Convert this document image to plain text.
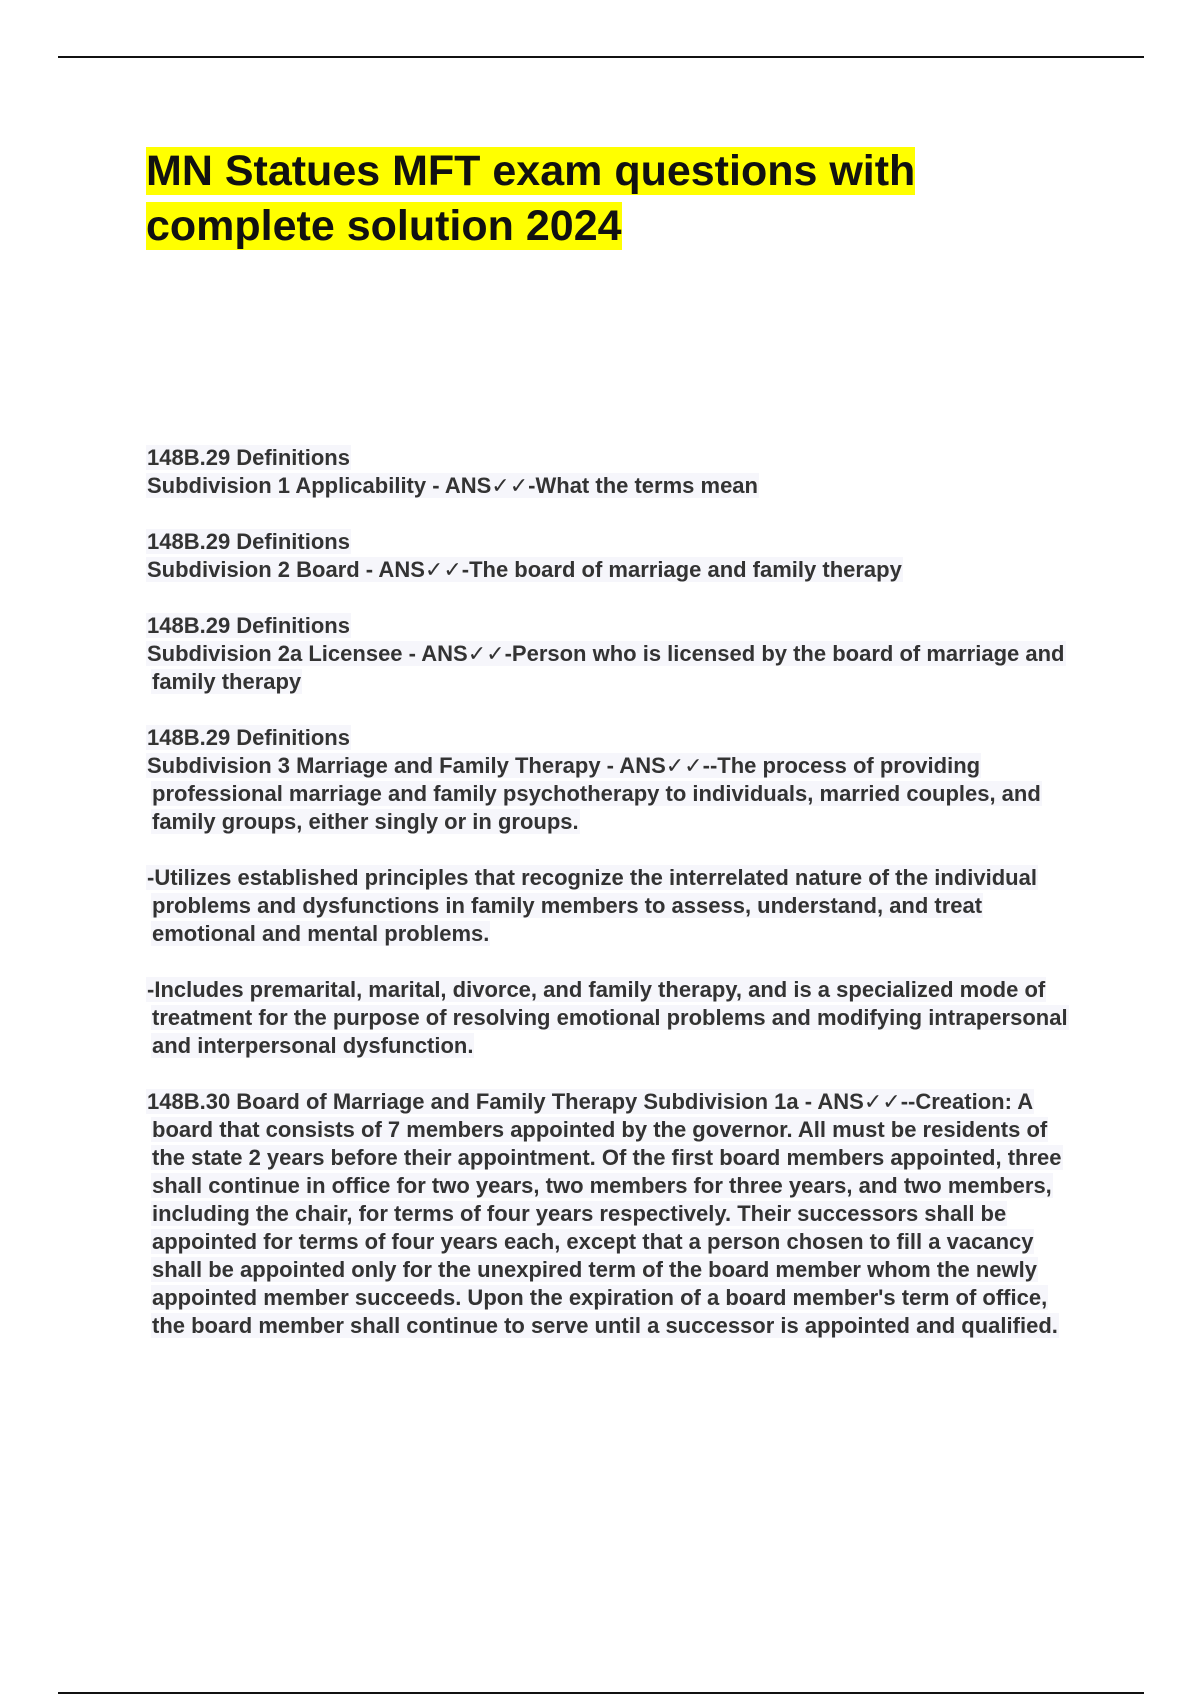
MN Statues MFT exam questions with complete solution 2024
148B.29 Definitions
Subdivision 1 Applicability - ANS✓✓-What the terms mean
148B.29 Definitions
Subdivision 2 Board - ANS✓✓-The board of marriage and family therapy
148B.29 Definitions
Subdivision 2a Licensee - ANS✓✓-Person who is licensed by the board of marriage and family therapy
148B.29 Definitions
Subdivision 3 Marriage and Family Therapy - ANS✓✓--The process of providing professional marriage and family psychotherapy to individuals, married couples, and family groups, either singly or in groups.
-Utilizes established principles that recognize the interrelated nature of the individual problems and dysfunctions in family members to assess, understand, and treat emotional and mental problems.
-Includes premarital, marital, divorce, and family therapy, and is a specialized mode of treatment for the purpose of resolving emotional problems and modifying intrapersonal and interpersonal dysfunction.
148B.30 Board of Marriage and Family Therapy Subdivision 1a - ANS✓✓--Creation: A board that consists of 7 members appointed by the governor. All must be residents of the state 2 years before their appointment. Of the first board members appointed, three shall continue in office for two years, two members for three years, and two members, including the chair, for terms of four years respectively. Their successors shall be appointed for terms of four years each, except that a person chosen to fill a vacancy shall be appointed only for the unexpired term of the board member whom the newly appointed member succeeds. Upon the expiration of a board member's term of office, the board member shall continue to serve until a successor is appointed and qualified.
